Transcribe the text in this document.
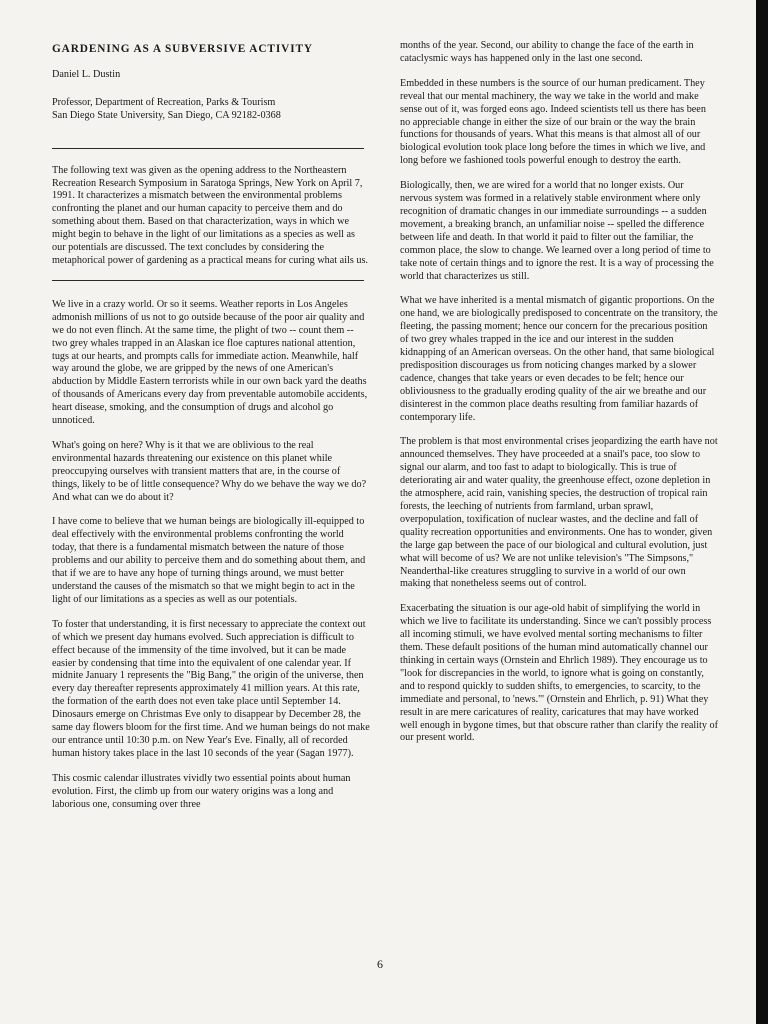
GARDENING AS A SUBVERSIVE ACTIVITY
Daniel L. Dustin
Professor, Department of Recreation, Parks & Tourism
San Diego State University, San Diego, CA 92182-0368

The following text was given as the opening address to the Northeastern Recreation Research Symposium in Saratoga Springs, New York on April 7, 1991. It characterizes a mismatch between the environmental problems confronting the planet and our human capacity to perceive them and do something about them. Based on that characterization, ways in which we might begin to behave in the light of our limitations as a species as well as our potentials are discussed. The text concludes by considering the metaphorical power of gardening as a practical means for curing what ails us.

We live in a crazy world. Or so it seems. Weather reports in Los Angeles admonish millions of us not to go outside because of the poor air quality and we do not even flinch. At the same time, the plight of two -- count them -- two grey whales trapped in an Alaskan ice floe captures national attention, tugs at our hearts, and prompts calls for immediate action. Meanwhile, half way around the globe, we are gripped by the news of one American's abduction by Middle Eastern terrorists while in our own back yard the deaths of thousands of Americans every day from preventable automobile accidents, heart disease, smoking, and the consumption of drugs and alcohol go unnoticed.

What's going on here? Why is it that we are oblivious to the real environmental hazards threatening our existence on this planet while preoccupying ourselves with transient matters that are, in the course of things, likely to be of little consequence? Why do we behave the way we do? And what can we do about it?

I have come to believe that we human beings are biologically ill-equipped to deal effectively with the environmental problems confronting the world today, that there is a fundamental mismatch between the nature of those problems and our ability to perceive them and do something about them, and that if we are to have any hope of turning things around, we must better understand the causes of the mismatch so that we might begin to act in the light of our limitations as a species as well as our potentials.

To foster that understanding, it is first necessary to appreciate the context out of which we present day humans evolved. Such appreciation is difficult to effect because of the immensity of the time involved, but it can be made easier by condensing that time into the equivalent of one calendar year. If midnite January 1 represents the "Big Bang," the origin of the universe, then every day thereafter represents approximately 41 million years. At this rate, the formation of the earth does not even take place until September 14. Dinosaurs emerge on Christmas Eve only to disappear by December 28, the same day flowers bloom for the first time. And we human beings do not make our entrance until 10:30 p.m. on New Year's Eve. Finally, all of recorded human history takes place in the last 10 seconds of the year (Sagan 1977).

This cosmic calendar illustrates vividly two essential points about human evolution. First, the climb up from our watery origins was a long and laborious one, consuming over three

months of the year. Second, our ability to change the face of the earth in cataclysmic ways has happened only in the last one second.

Embedded in these numbers is the source of our human predicament. They reveal that our mental machinery, the way we take in the world and make sense out of it, was forged eons ago. Indeed scientists tell us there has been no appreciable change in either the size of our brain or the way the brain functions for thousands of years. What this means is that almost all of our biological evolution took place long before the times in which we live, and long before we fashioned tools powerful enough to destroy the earth.

Biologically, then, we are wired for a world that no longer exists. Our nervous system was formed in a relatively stable environment where only recognition of dramatic changes in our immediate surroundings -- a sudden movement, a breaking branch, an unfamiliar noise -- spelled the difference between life and death. In that world it paid to filter out the familiar, the common place, the slow to change. We learned over a long period of time to take note of certain things and to ignore the rest. It is a way of processing the world that characterizes us still.

What we have inherited is a mental mismatch of gigantic proportions. On the one hand, we are biologically predisposed to concentrate on the transitory, the fleeting, the passing moment; hence our concern for the precarious position of two grey whales trapped in the ice and our interest in the sudden kidnapping of an American overseas. On the other hand, that same biological predisposition discourages us from noticing changes marked by a slower cadence, changes that take years or even decades to be felt; hence our obliviousness to the gradually eroding quality of the air we breathe and our disinterest in the common place deaths resulting from familiar hazards of contemporary life.

The problem is that most environmental crises jeopardizing the earth have not announced themselves. They have proceeded at a snail's pace, too slow to signal our alarm, and too fast to adapt to biologically. This is true of deteriorating air and water quality, the greenhouse effect, ozone depletion in the atmosphere, acid rain, vanishing species, the destruction of tropical rain forests, the leeching of nutrients from farmland, urban sprawl, overpopulation, toxification of nuclear wastes, and the decline and fall of quality recreation opportunities and environments. One has to wonder, given the large gap between the pace of our biological and cultural evolution, just what will become of us? We are not unlike television's "The Simpsons," Neanderthal-like creatures struggling to survive in a world of our own making that nonetheless seems out of control.

Exacerbating the situation is our age-old habit of simplifying the world in which we live to facilitate its understanding. Since we can't possibly process all incoming stimuli, we have evolved mental sorting mechanisms to filter them. These default positions of the human mind automatically channel our thinking in certain ways (Ornstein and Ehrlich 1989). They encourage us to "look for discrepancies in the world, to ignore what is going on constantly, and to respond quickly to sudden shifts, to emergencies, to scarcity, to the immediate and personal, to 'news.'" (Ornstein and Ehrlich, p. 91) What they result in are mere caricatures of reality, caricatures that may have worked well enough in bygone times, but that obscure rather than clarify the reality of our present world.

6
